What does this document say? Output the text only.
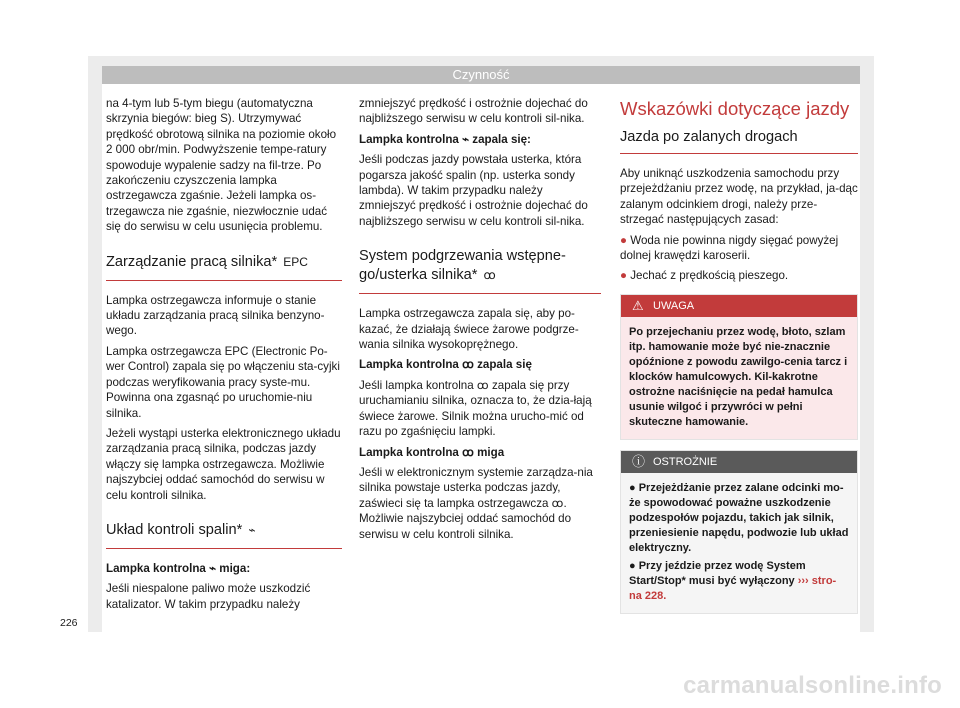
Czynność

na 4-tym lub 5-tym biegu (automatyczna skrzynia biegów: bieg S). Utrzymywać prędkość obrotową silnika na poziomie około 2 000 obr/min. Podwyższenie tempe-ratury spowoduje wypalenie sadzy na fil-trze. Po zakończeniu czyszczenia lampka ostrzegawcza zgaśnie. Jeżeli lampka os-trzegawcza nie zgaśnie, niezwłocznie udać się do serwisu w celu usunięcia problemu.

Zarządzanie pracą silnika* EPC

Lampka ostrzegawcza informuje o stanie układu zarządzania pracą silnika benzyno-wego.

Lampka ostrzegawcza EPC (Electronic Po-wer Control) zapala się po włączeniu sta-cyjki podczas weryfikowania pracy syste-mu. Powinna ona zgasnąć po uruchomie-niu silnika.

Jeżeli wystąpi usterka elektronicznego układu zarządzania pracą silnika, podczas jazdy włączy się lampka ostrzegawcza. Możliwie najszybciej oddać samochód do serwisu w celu kontroli silnika.

Układ kontroli spalin* ⌁

Lampka kontrolna ⌁ miga:

Jeśli niespalone paliwo może uszkodzić katalizator. W takim przypadku należy

zmniejszyć prędkość i ostrożnie dojechać do najbliższego serwisu w celu kontroli sil-nika.

Lampka kontrolna ⌁ zapala się:

Jeśli podczas jazdy powstała usterka, która pogarsza jakość spalin (np. usterka sondy lambda). W takim przypadku należy zmniejszyć prędkość i ostrożnie dojechać do najbliższego serwisu w celu kontroli sil-nika.

System podgrzewania wstępne-go/usterka silnika* ꝏ

Lampka ostrzegawcza zapala się, aby po-kazać, że działają świece żarowe podgrze-wania silnika wysokoprężnego.

Lampka kontrolna ꝏ zapala się

Jeśli lampka kontrolna ꝏ zapala się przy uruchamianiu silnika, oznacza to, że dzia-łają świece żarowe. Silnik można urucho-mić od razu po zgaśnięciu lampki.

Lampka kontrolna ꝏ miga

Jeśli w elektronicznym systemie zarządza-nia silnika powstaje usterka podczas jazdy, zaświeci się ta lampka ostrzegawcza ꝏ. Możliwie najszybciej oddać samochód do serwisu w celu kontroli silnika.

Wskazówki dotyczące jazdy
Jazda po zalanych drogach

Aby uniknąć uszkodzenia samochodu przy przejeżdżaniu przez wodę, na przykład, ja-dąc zalanym odcinkiem drogi, należy prze-strzegać następujących zasad:

● Woda nie powinna nigdy sięgać powyżej dolnej krawędzi karoserii.

● Jechać z prędkością pieszego.

⚠ UWAGA
Po przejechaniu przez wodę, błoto, szlam itp. hamowanie może być nie-znacznie opóźnione z powodu zawilgo-cenia tarcz i klocków hamulcowych. Kil-kakrotne ostrożne naciśnięcie na pedał hamulca usunie wilgoć i przywróci w pełni skuteczne hamowanie.
ⓘ OSTROŻNIE

● Przejeżdżanie przez zalane odcinki mo-że spowodować poważne uszkodzenie podzespołów pojazdu, takich jak silnik, przeniesienie napędu, podwozie lub układ elektryczny.

● Przy jeździe przez wodę System Start/Stop* musi być wyłączony ››› stro-na 228.

226
carmanualsonline.info
